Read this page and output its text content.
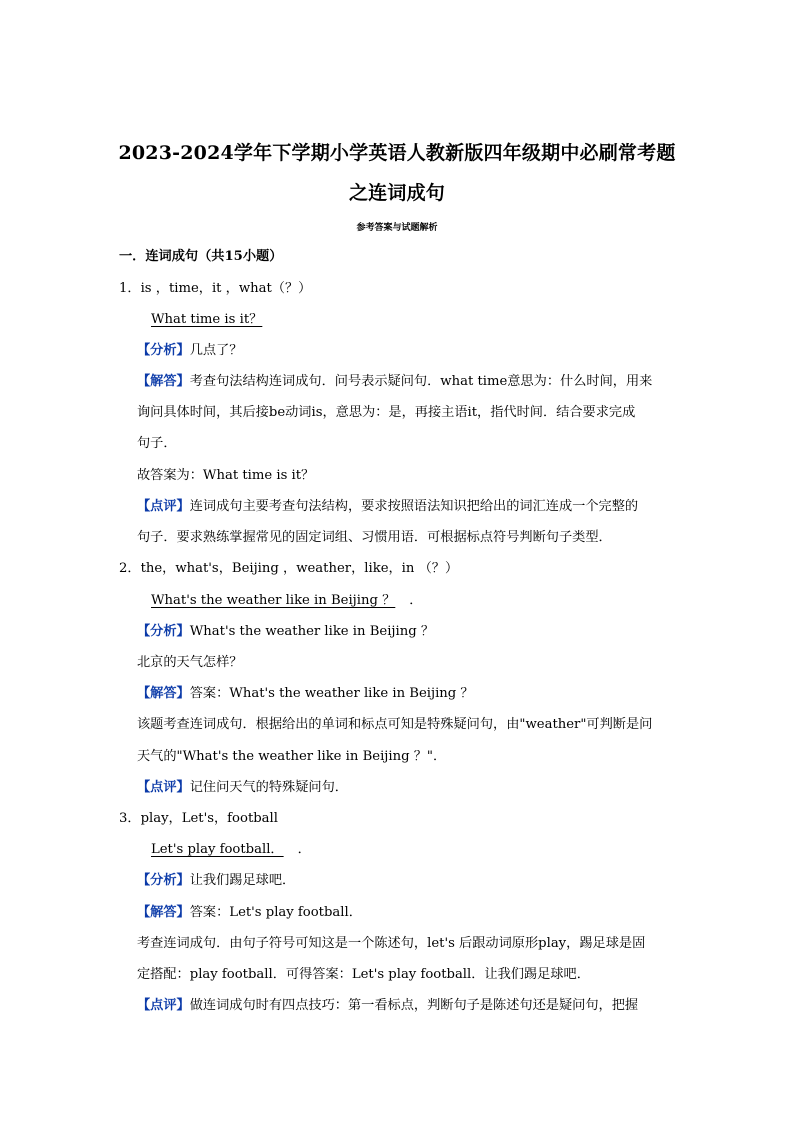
2023-2024学年下学期小学英语人教新版四年级期中必刷常考题
之连词成句
参考答案与试题解析
一．连词成句（共15小题）
1．is ，time，it ，what（？）
What time is it？
【分析】几点了？
【解答】考查句法结构连词成句．问号表示疑问句．what time意思为：什么时间，用来
询问具体时间，其后接be动词is，意思为：是，再接主语it，指代时间．结合要求完成
句子．
故答案为：What time is it？
【点评】连词成句主要考查句法结构，要求按照语法知识把给出的词汇连成一个完整的
句子．要求熟练掌握常见的固定词组、习惯用语．可根据标点符号判断句子类型．
2．the，what's，Beijing ，weather，like，in （？）
What's the weather like in Beijing ？ ．
【分析】What's the weather like in Beijing ？
北京的天气怎样？
【解答】答案：What's the weather like in Beijing ？
该题考查连词成句．根据给出的单词和标点可知是特殊疑问句，由"weather"可判断是问
天气的"What's the weather like in Beijing ？"．
【点评】记住问天气的特殊疑问句．
3．play，Let's，football
Let's play football． ．
【分析】让我们踢足球吧．
【解答】答案：Let's play football．
考查连词成句．由句子符号可知这是一个陈述句，let's 后跟动词原形play，踢足球是固
定搭配：play football．可得答案：Let's play football．让我们踢足球吧．
【点评】做连词成句时有四点技巧：第一看标点，判断句子是陈述句还是疑问句，把握
